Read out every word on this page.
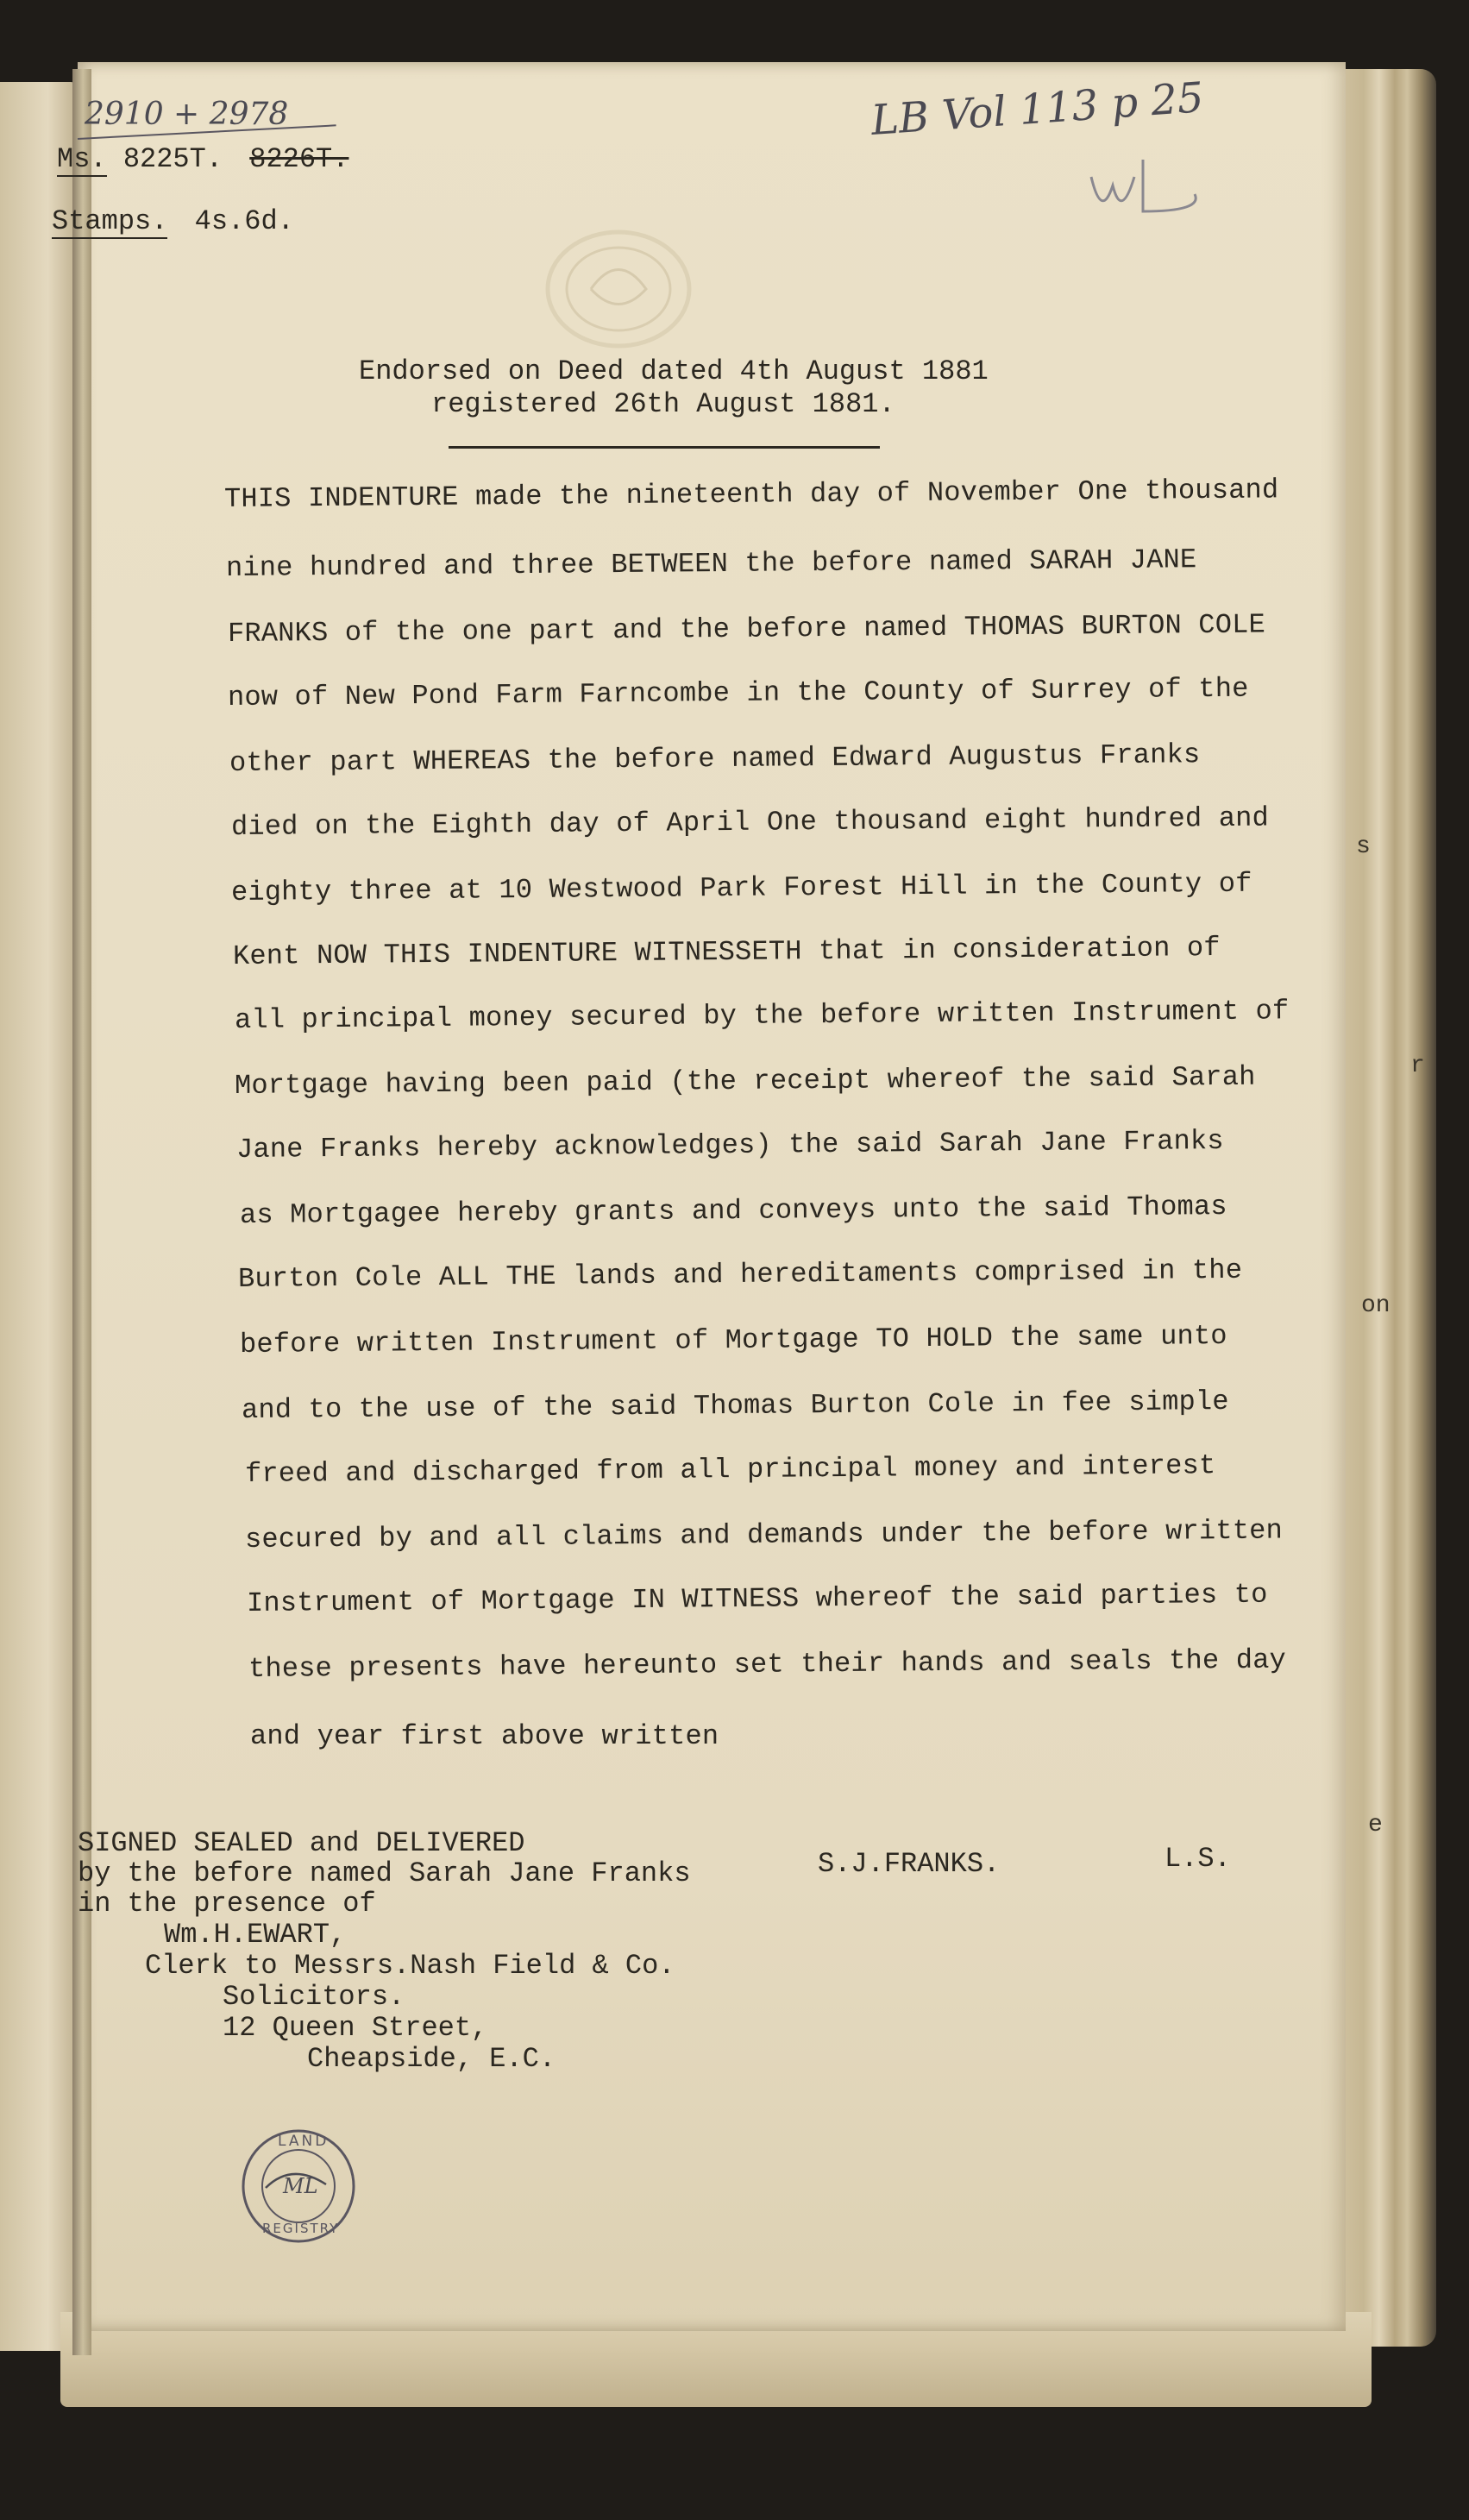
s
r
on
e
2910 + 2978
Ms. 8225T. 8226T.
Stamps. 4s.6d.
LB Vol 113 p 25
Endorsed on Deed dated 4th August 1881
registered 26th August 1881.
THIS INDENTURE made the nineteenth day of November One thousand
nine hundred and three BETWEEN the before named SARAH JANE
FRANKS of the one part and the before named THOMAS BURTON COLE
now of New Pond Farm Farncombe in the County of Surrey of the
other part WHEREAS the before named Edward Augustus Franks
died on the Eighth day of April One thousand eight hundred and
eighty three at 10 Westwood Park Forest Hill in the County of
Kent NOW THIS INDENTURE WITNESSETH that in consideration of
all principal money secured by the before written Instrument of
Mortgage having been paid (the receipt whereof the said Sarah
Jane Franks hereby acknowledges) the said Sarah Jane Franks
as Mortgagee hereby grants and conveys unto the said Thomas
Burton Cole ALL THE lands and hereditaments comprised in the
before written Instrument of Mortgage TO HOLD the same unto
and to the use of the said Thomas Burton Cole in fee simple
freed and discharged from all principal money and interest
secured by and all claims and demands under the before written
Instrument of Mortgage IN WITNESS whereof the said parties to
these presents have hereunto set their hands and seals the day
and year first above written
SIGNED SEALED and DELIVERED
by the before named Sarah Jane Franks
in the presence of
Wm.H.EWART,
Clerk to Messrs.Nash Field & Co.
Solicitors.
12 Queen Street,
Cheapside, E.C.
S.J.FRANKS.	L.S.
LAND
REGISTRY
ML
